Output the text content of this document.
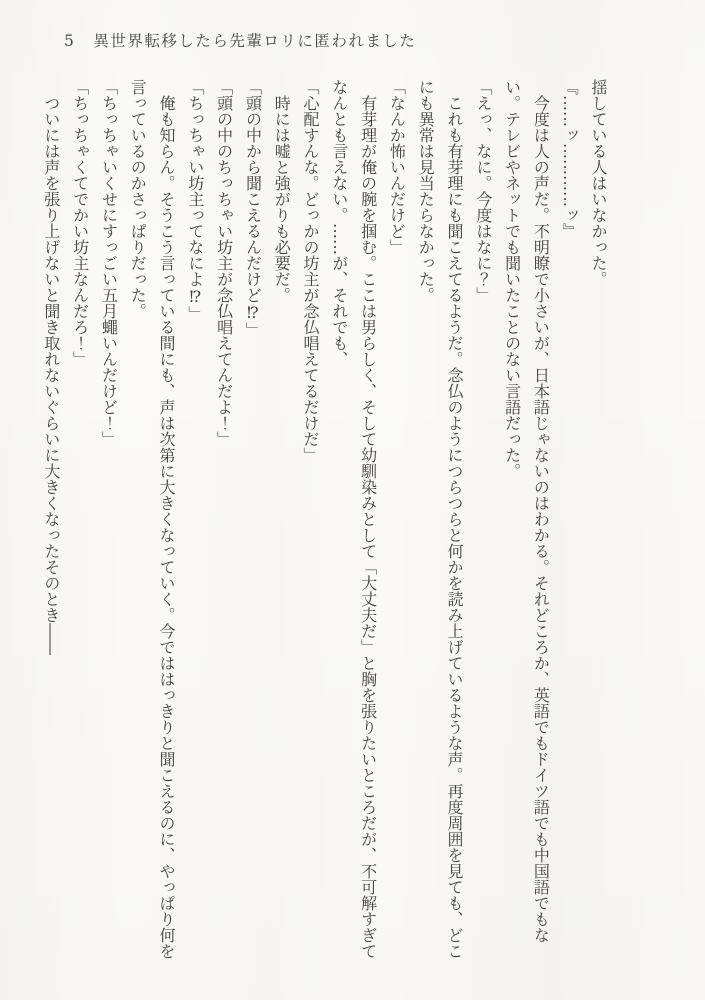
5 異世界転移したら先輩ロリに匿われました

揺している人はいなかった。

『……ッ…………ッ』

　今度は人の声だ。不明瞭で小さいが、日本語じゃないのはわかる。それどころか、英語でもドイツ語でも中国語でもない。テレビやネットでも聞いたことのない言語だった。

「えっ、なに。今度はなに？」

　これも有芽理にも聞こえてるようだ。念仏のようにつらつらと何かを読み上げているような声。再度周囲を見ても、どこにも異常は見当たらなかった。

「なんか怖いんだけど」

　有芽理が俺の腕を掴む。ここは男らしく、そして幼馴染みとして「大丈夫だ」と胸を張りたいところだが、不可解すぎてなんとも言えない。……が、それでも、

「心配すんな。どっかの坊主が念仏唱えてるだけだ」

　時には嘘と強がりも必要だ。

「頭の中から聞こえるんだけど⁉」

「頭の中のちっちゃい坊主が念仏唱えてんだよ！」

「ちっちゃい坊主ってなによ⁉」

　俺も知らん。そうこう言っている間にも、声は次第に大きくなっていく。今でははっきりと聞こえるのに、やっぱり何を言っているのかさっぱりだった。

「ちっちゃいくせにすっごい五月蠅いんだけど！」

「ちっちゃくてでかい坊主なんだろ！」

　ついには声を張り上げないと聞き取れないぐらいに大きくなったそのとき――
